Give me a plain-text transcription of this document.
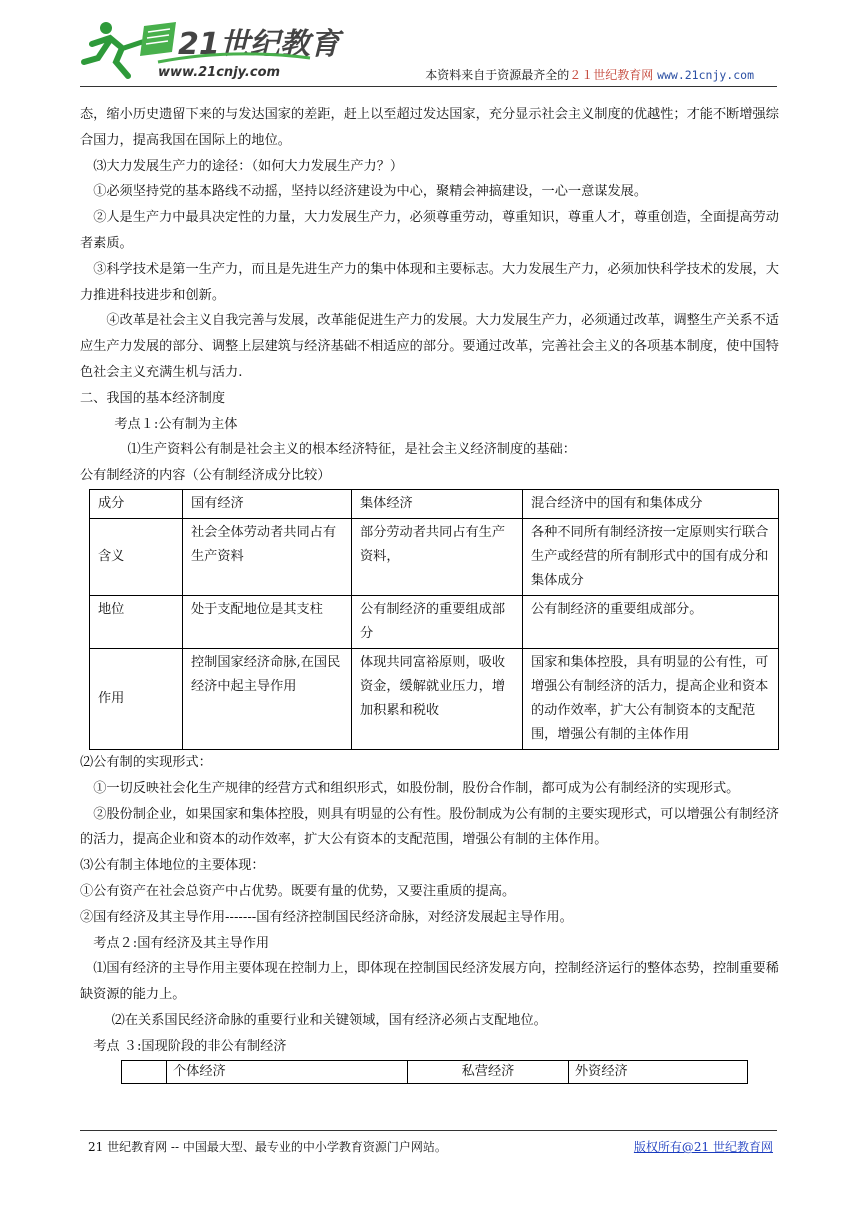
21世纪教育
www.21cnjy.com	本资料来自于资源最齐全的２１世纪教育网 www.21cnjy.com

态，缩小历史遗留下来的与发达国家的差距，赶上以至超过发达国家，充分显示社会主义制度的优越性；才能不断增强综合国力，提高我国在国际上的地位。

⑶大力发展生产力的途径：（如何大力发展生产力？）

①必须坚持党的基本路线不动摇，坚持以经济建设为中心，聚精会神搞建设，一心一意谋发展。

②人是生产力中最具决定性的力量，大力发展生产力，必须尊重劳动，尊重知识，尊重人才，尊重创造，全面提高劳动者素质。

③科学技术是第一生产力，而且是先进生产力的集中体现和主要标志。大力发展生产力，必须加快科学技术的发展，大力推进科技进步和创新。

④改革是社会主义自我完善与发展，改革能促进生产力的发展。大力发展生产力，必须通过改革，调整生产关系不适应生产力发展的部分、调整上层建筑与经济基础不相适应的部分。要通过改革，完善社会主义的各项基本制度，使中国特色社会主义充满生机与活力.

二、我国的基本经济制度

考点１:公有制为主体

⑴生产资料公有制是社会主义的根本经济特征，是社会主义经济制度的基础：

公有制经济的内容（公有制经济成分比较）

成分	国有经济	集体经济	混合经济中的国有和集体成分
含义	社会全体劳动者共同占有生产资料	部分劳动者共同占有生产资料，	各种不同所有制经济按一定原则实行联合生产或经营的所有制形式中的国有成分和集体成分
地位	处于支配地位是其支柱	公有制经济的重要组成部分	公有制经济的重要组成部分。
作用	控制国家经济命脉,在国民经济中起主导作用	体现共同富裕原则，吸收资金，缓解就业压力，增加积累和税收	国家和集体控股，具有明显的公有性，可增强公有制经济的活力，提高企业和资本的动作效率，扩大公有制资本的支配范围，增强公有制的主体作用

⑵公有制的实现形式：

①一切反映社会化生产规律的经营方式和组织形式，如股份制，股份合作制，都可成为公有制经济的实现形式。

②股份制企业，如果国家和集体控股，则具有明显的公有性。股份制成为公有制的主要实现形式，可以增强公有制经济的活力，提高企业和资本的动作效率，扩大公有资本的支配范围，增强公有制的主体作用。

⑶公有制主体地位的主要体现：

①公有资产在社会总资产中占优势。既要有量的优势，又要注重质的提高。

②国有经济及其主导作用-------国有经济控制国民经济命脉，对经济发展起主导作用。

考点２:国有经济及其主导作用

⑴国有经济的主导作用主要体现在控制力上，即体现在控制国民经济发展方向，控制经济运行的整体态势，控制重要稀缺资源的能力上。

⑵在关系国民经济命脉的重要行业和关键领域，国有经济必须占支配地位。

考点 ３:国现阶段的非公有制经济

	个体经济	私营经济	外资经济
21 世纪教育网 -- 中国最大型、最专业的中小学教育资源门户网站。	版权所有@21 世纪教育网
